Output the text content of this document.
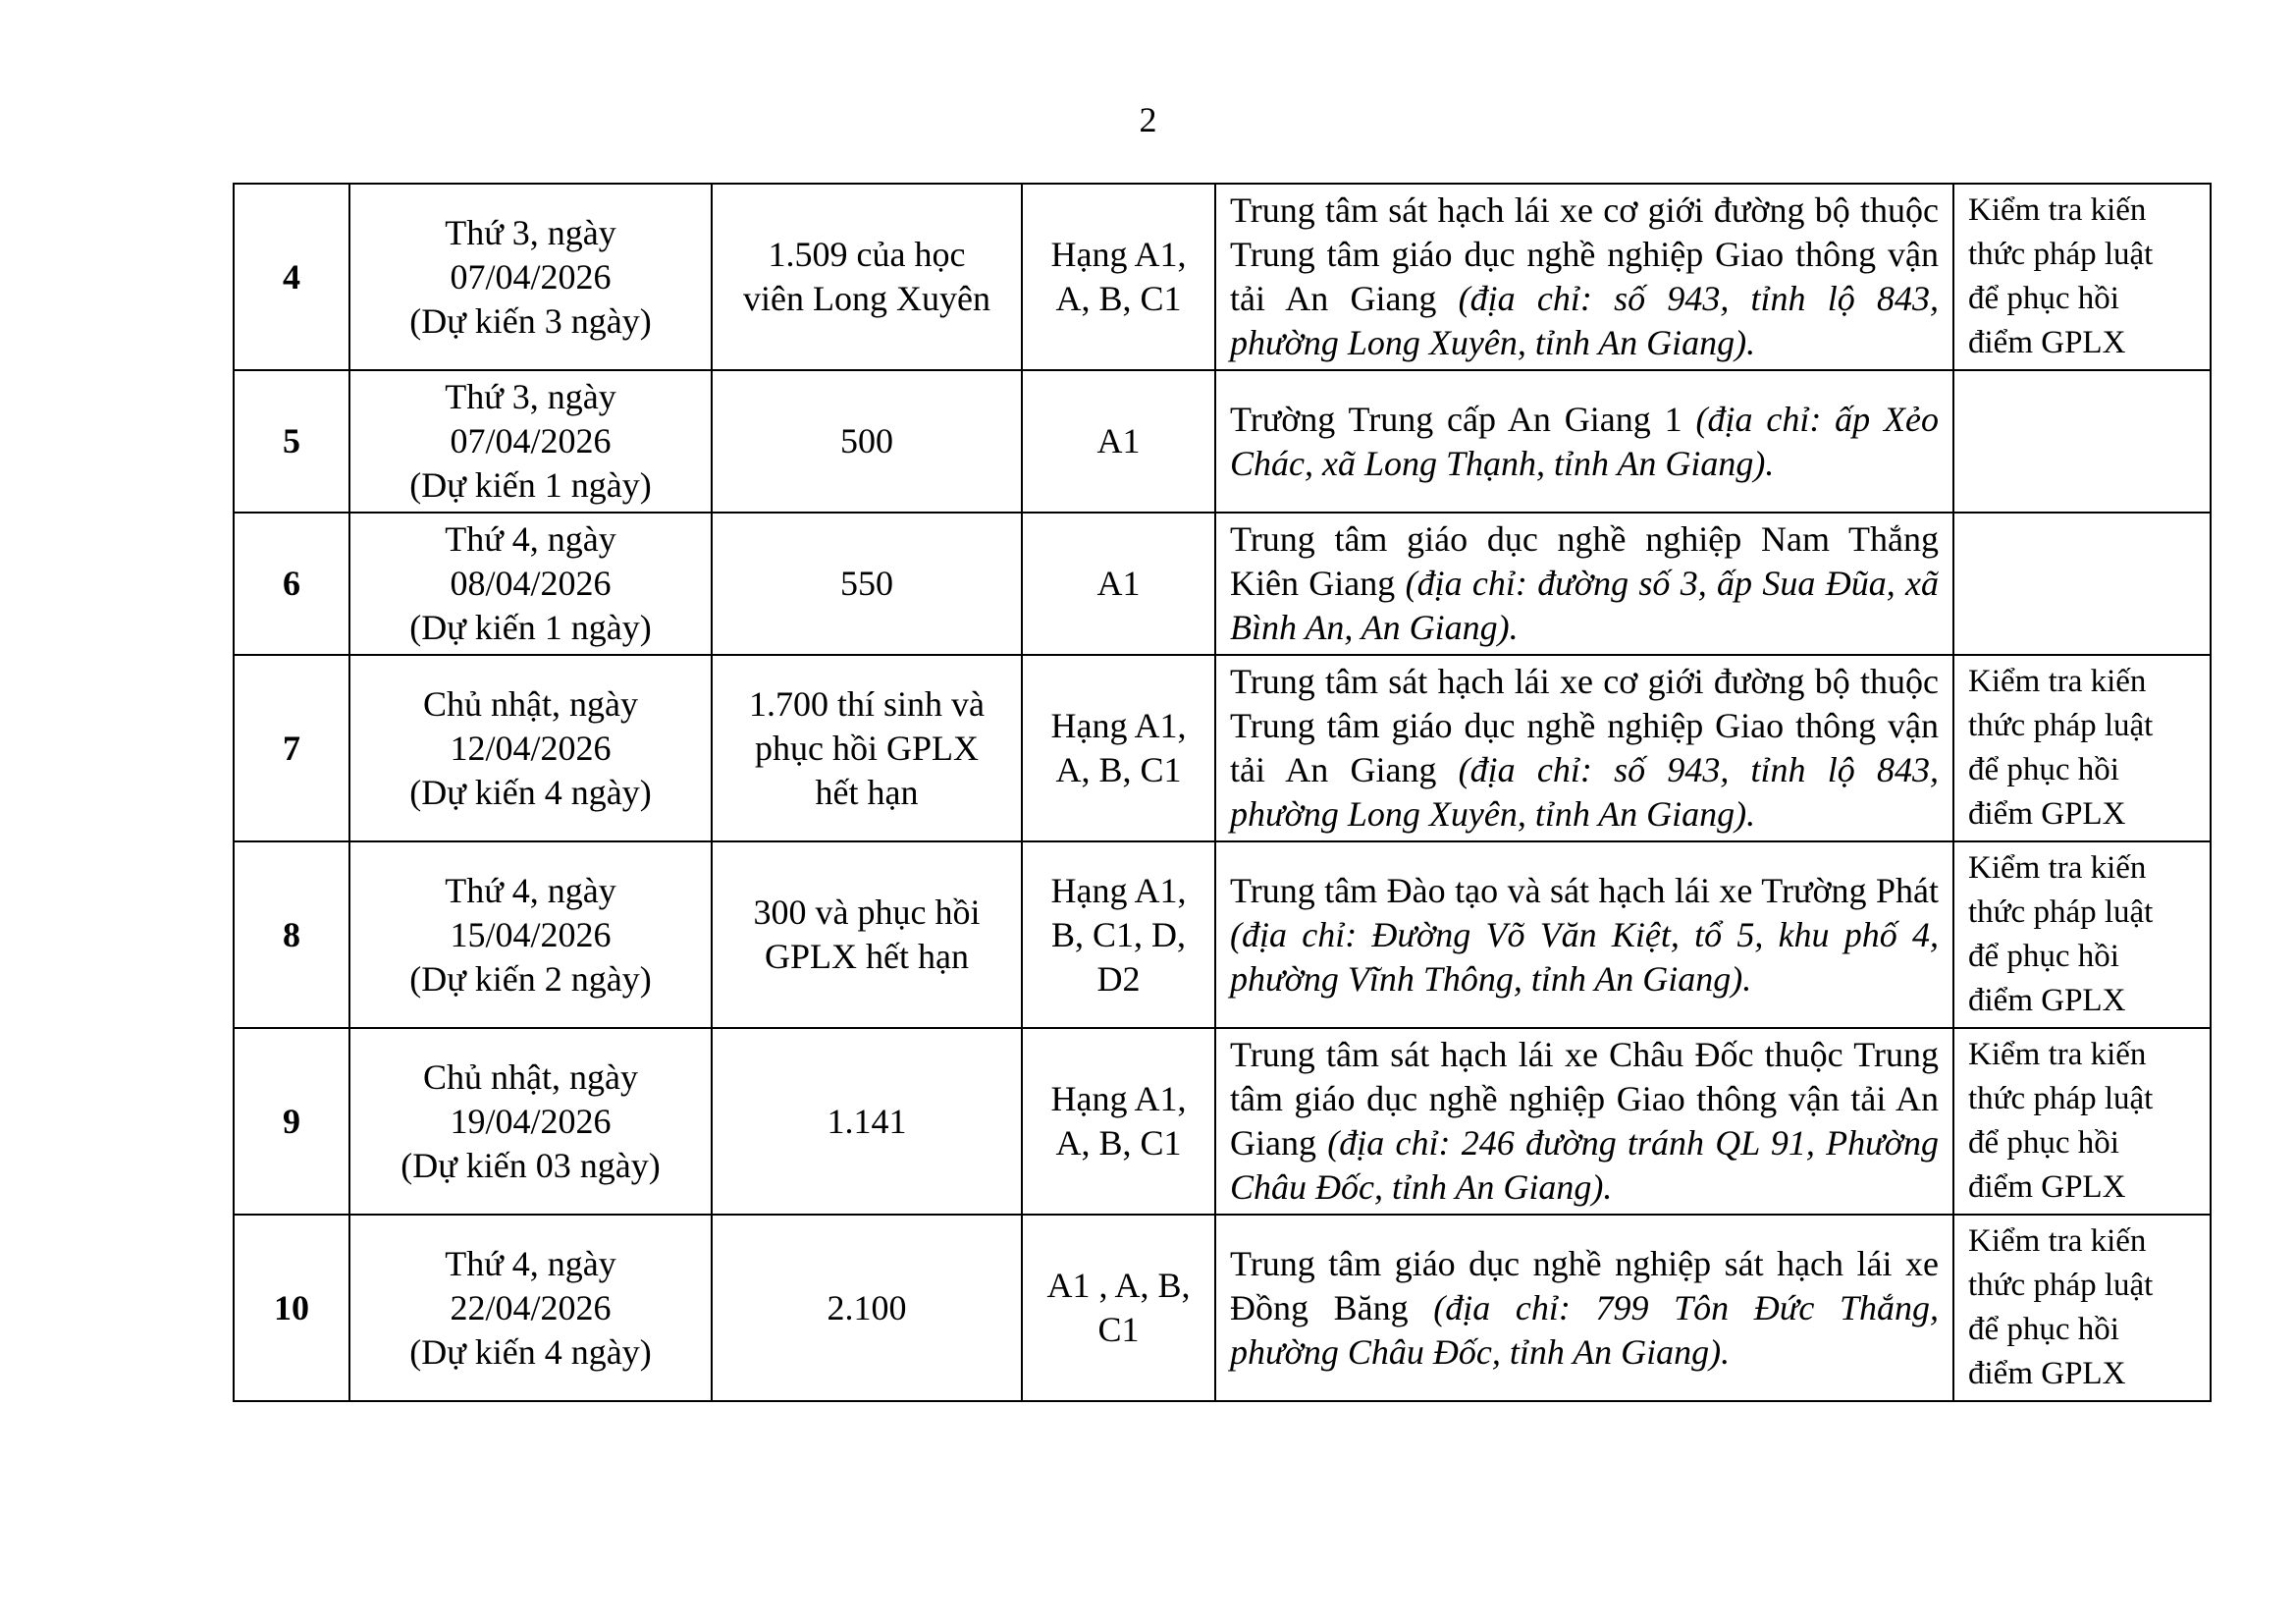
2
4	Thứ 3, ngày
07/04/2026
(Dự kiến 3 ngày)	1.509 của học
viên Long Xuyên	Hạng A1,
A, B, C1	Trung tâm sát hạch lái xe cơ giới đường bộ thuộc Trung tâm giáo dục nghề nghiệp Giao thông vận tải An Giang (địa chỉ: số 943, tỉnh lộ 843, phường Long Xuyên, tỉnh An Giang).	Kiểm tra kiến
thức pháp luật
để phục hồi
điểm GPLX

5	Thứ 3, ngày
07/04/2026
(Dự kiến 1 ngày)	500	A1	Trường Trung cấp An Giang 1 (địa chỉ: ấp Xẻo Chác, xã Long Thạnh, tỉnh An Giang).	
6	Thứ 4, ngày
08/04/2026
(Dự kiến 1 ngày)	550	A1	Trung tâm giáo dục nghề nghiệp Nam Thắng Kiên Giang (địa chỉ: đường số 3, ấp Sua Đũa, xã Bình An, An Giang).	
7	Chủ nhật, ngày
12/04/2026
(Dự kiến 4 ngày)	1.700 thí sinh và
phục hồi GPLX
hết hạn	Hạng A1,
A, B, C1	Trung tâm sát hạch lái xe cơ giới đường bộ thuộc Trung tâm giáo dục nghề nghiệp Giao thông vận tải An Giang (địa chỉ: số 943, tỉnh lộ 843, phường Long Xuyên, tỉnh An Giang).	Kiểm tra kiến
thức pháp luật
để phục hồi
điểm GPLX

8	Thứ 4, ngày
15/04/2026
(Dự kiến 2 ngày)	300 và phục hồi
GPLX hết hạn	Hạng A1,
B, C1, D,
D2	Trung tâm Đào tạo và sát hạch lái xe Trường Phát (địa chỉ: Đường Võ Văn Kiệt, tổ 5, khu phố 4, phường Vĩnh Thông, tỉnh An Giang).	Kiểm tra kiến
thức pháp luật
để phục hồi
điểm GPLX

9	Chủ nhật, ngày
19/04/2026
(Dự kiến 03 ngày)	1.141	Hạng A1,
A, B, C1	Trung tâm sát hạch lái xe Châu Đốc thuộc Trung tâm giáo dục nghề nghiệp Giao thông vận tải An Giang (địa chỉ: 246 đường tránh QL 91, Phường Châu Đốc, tỉnh An Giang).	Kiểm tra kiến
thức pháp luật
để phục hồi
điểm GPLX

10	Thứ 4, ngày
22/04/2026
(Dự kiến 4 ngày)	2.100	A1 , A, B,
C1	Trung tâm giáo dục nghề nghiệp sát hạch lái xe Đồng Băng (địa chỉ: 799 Tôn Đức Thắng, phường Châu Đốc, tỉnh An Giang).	Kiểm tra kiến
thức pháp luật
để phục hồi
điểm GPLX
